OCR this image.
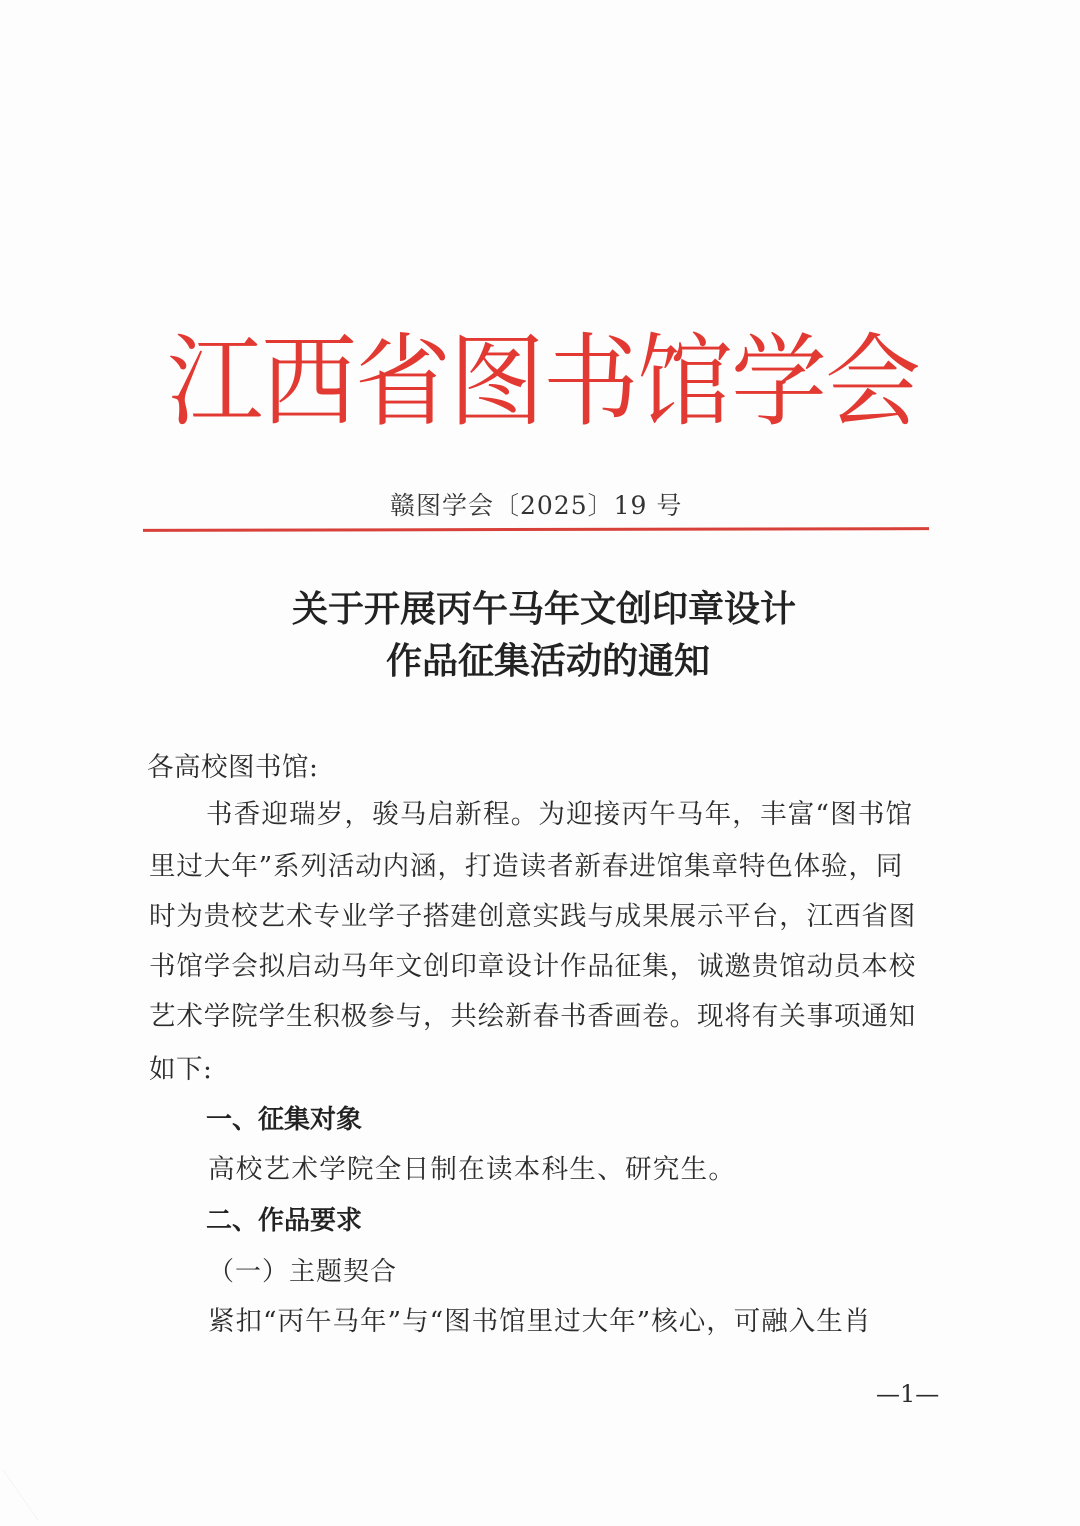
江西省图书馆学会
赣图学会〔2025〕19 号
关于开展丙午马年文创印章设计
作品征集活动的通知
各高校图书馆:
书香迎瑞岁，骏马启新程。为迎接丙午马年，丰富“图书馆
里过大年”系列活动内涵，打造读者新春进馆集章特色体验，同
时为贵校艺术专业学子搭建创意实践与成果展示平台，江西省图
书馆学会拟启动马年文创印章设计作品征集，诚邀贵馆动员本校
艺术学院学生积极参与，共绘新春书香画卷。现将有关事项通知
如下:
一、征集对象
高校艺术学院全日制在读本科生、研究生。
二、作品要求
（一）主题契合
紧扣“丙午马年”与“图书馆里过大年”核心，可融入生肖
—1—
